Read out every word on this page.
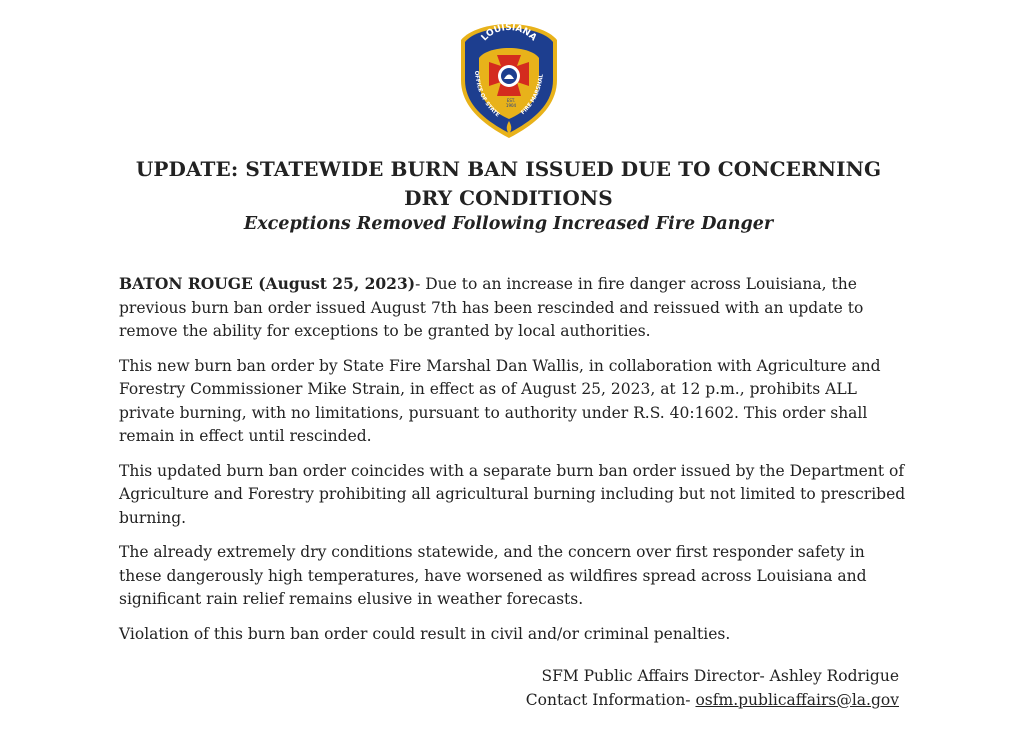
LOUISIANA
OFFICE OF STATE	FIRE MARSHAL
EST.
1904
UPDATE: STATEWIDE BURN BAN ISSUED DUE TO CONCERNING DRY CONDITIONS
Exceptions Removed Following Increased Fire Danger

BATON ROUGE (August 25, 2023)- Due to an increase in fire danger across Louisiana, the previous burn ban order issued August 7th has been rescinded and reissued with an update to remove the ability for exceptions to be granted by local authorities.

This new burn ban order by State Fire Marshal Dan Wallis, in collaboration with Agriculture and Forestry Commissioner Mike Strain, in effect as of August 25, 2023, at 12 p.m., prohibits ALL private burning, with no limitations, pursuant to authority under R.S. 40:1602. This order shall remain in effect until rescinded.

This updated burn ban order coincides with a separate burn ban order issued by the Department of Agriculture and Forestry prohibiting all agricultural burning including but not limited to prescribed burning.

The already extremely dry conditions statewide, and the concern over first responder safety in these dangerously high temperatures, have worsened as wildfires spread across Louisiana and significant rain relief remains elusive in weather forecasts.

Violation of this burn ban order could result in civil and/or criminal penalties.

SFM Public Affairs Director- Ashley Rodrigue
Contact Information- osfm.publicaffairs@la.gov
